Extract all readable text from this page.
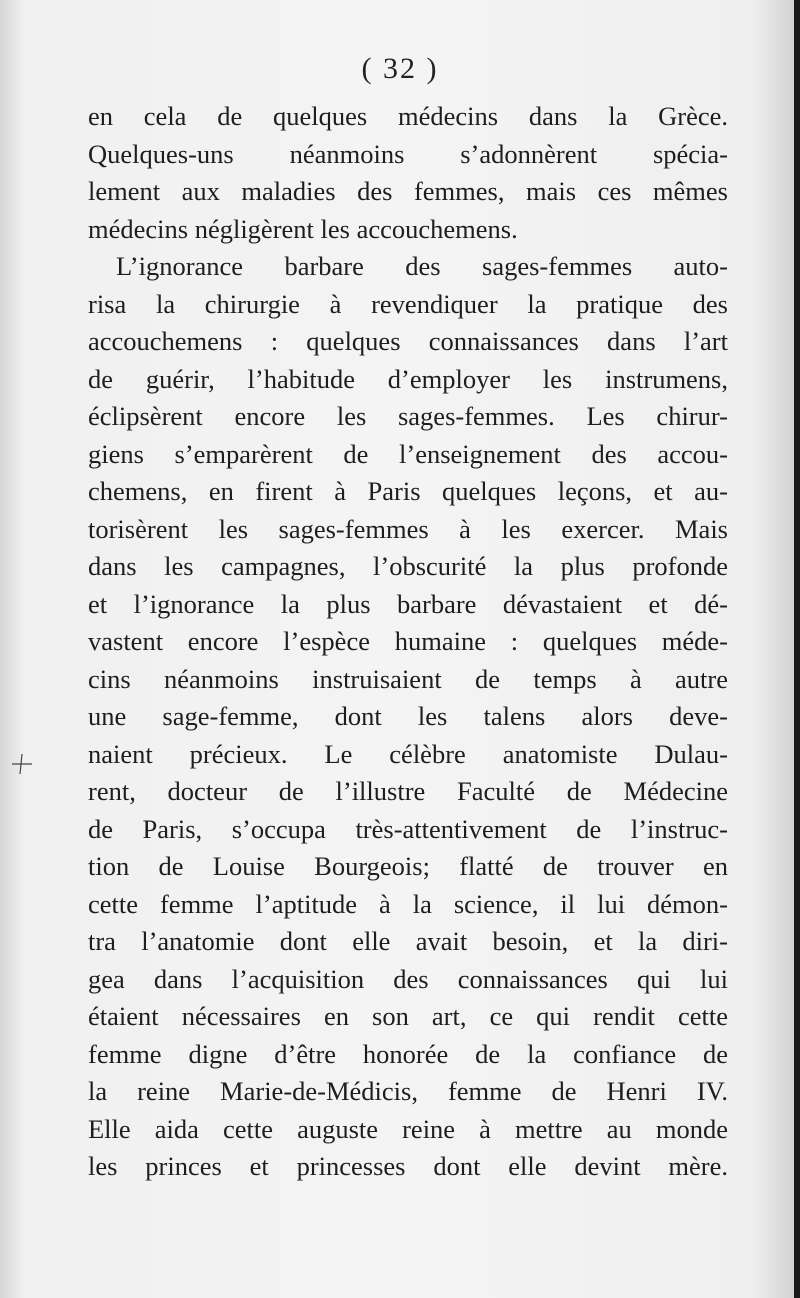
( 32 )
en cela de quelques médecins dans la Grèce.
Quelques-uns néanmoins s’adonnèrent spécia-
lement aux maladies des femmes, mais ces mêmes
médecins négligèrent les accouchemens.
L’ignorance barbare des sages-femmes auto-
risa la chirurgie à revendiquer la pratique des
accouchemens : quelques connaissances dans l’art
de guérir, l’habitude d’employer les instrumens,
éclipsèrent encore les sages-femmes. Les chirur-
giens s’emparèrent de l’enseignement des accou-
chemens, en firent à Paris quelques leçons, et au-
torisèrent les sages-femmes à les exercer. Mais
dans les campagnes, l’obscurité la plus profonde
et l’ignorance la plus barbare dévastaient et dé-
vastent encore l’espèce humaine : quelques méde-
cins néanmoins instruisaient de temps à autre
une sage-femme, dont les talens alors deve-
naient précieux. Le célèbre anatomiste Dulau-
rent, docteur de l’illustre Faculté de Médecine
de Paris, s’occupa très-attentivement de l’instruc-
tion de Louise Bourgeois; flatté de trouver en
cette femme l’aptitude à la science, il lui démon-
tra l’anatomie dont elle avait besoin, et la diri-
gea dans l’acquisition des connaissances qui lui
étaient nécessaires en son art, ce qui rendit cette
femme digne d’être honorée de la confiance de
la reine Marie-de-Médicis, femme de Henri IV.
Elle aida cette auguste reine à mettre au monde
les princes et princesses dont elle devint mère.
